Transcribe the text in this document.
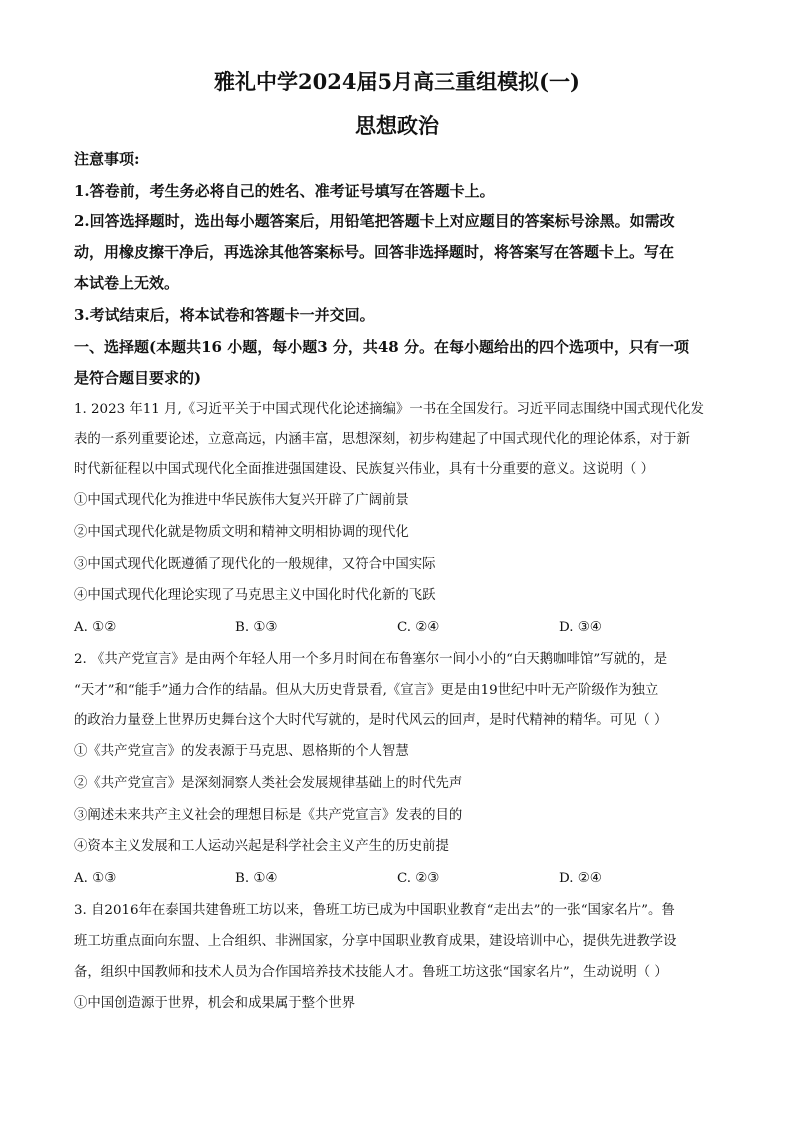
雅礼中学2024届5月高三重组模拟(一)
思想政治
注意事项:
1.答卷前，考生务必将自己的姓名、准考证号填写在答题卡上。
2.回答选择题时，选出每小题答案后，用铅笔把答题卡上对应题目的答案标号涂黑。如需改
动，用橡皮擦干净后，再选涂其他答案标号。回答非选择题时，将答案写在答题卡上。写在
本试卷上无效。
3.考试结束后，将本试卷和答题卡一并交回。
一、选择题(本题共16 小题，每小题3 分，共48 分。在每小题给出的四个选项中，只有一项
是符合题目要求的)
1. 2023 年11 月,《习近平关于中国式现代化论述摘编》一书在全国发行。习近平同志围绕中国式现代化发
表的一系列重要论述，立意高远，内涵丰富，思想深刻，初步构建起了中国式现代化的理论体系，对于新
时代新征程以中国式现代化全面推进强国建设、民族复兴伟业，具有十分重要的意义。这说明（ ）
①中国式现代化为推进中华民族伟大复兴开辟了广阔前景
②中国式现代化就是物质文明和精神文明相协调的现代化
③中国式现代化既遵循了现代化的一般规律，又符合中国实际
④中国式现代化理论实现了马克思主义中国化时代化新的飞跃
A. ①②	B. ①③	C. ②④	D. ③④
2. 《共产党宣言》是由两个年轻人用一个多月时间在布鲁塞尔一间小小的“白天鹅咖啡馆”写就的，是
“天才”和“能手”通力合作的结晶。但从大历史背景看,《宣言》更是由19世纪中叶无产阶级作为独立
的政治力量登上世界历史舞台这个大时代写就的，是时代风云的回声，是时代精神的精华。可见（ ）
①《共产党宣言》的发表源于马克思、恩格斯的个人智慧
②《共产党宣言》是深刻洞察人类社会发展规律基础上的时代先声
③阐述未来共产主义社会的理想目标是《共产党宣言》发表的目的
④资本主义发展和工人运动兴起是科学社会主义产生的历史前提
A. ①③	B. ①④	C. ②③	D. ②④
3. 自2016年在泰国共建鲁班工坊以来，鲁班工坊已成为中国职业教育“走出去”的一张“国家名片”。鲁
班工坊重点面向东盟、上合组织、非洲国家，分享中国职业教育成果，建设培训中心，提供先进教学设
备，组织中国教师和技术人员为合作国培养技术技能人才。鲁班工坊这张“国家名片”，生动说明（ ）
①中国创造源于世界，机会和成果属于整个世界
